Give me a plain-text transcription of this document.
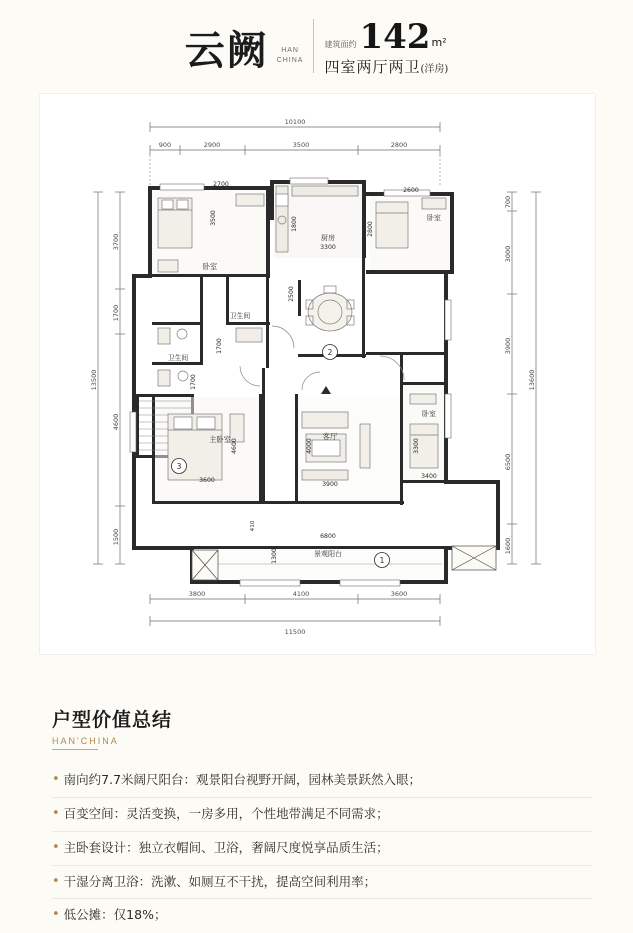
云阙	HAN
CHINA
建筑面约 142 m²
四室两厅两卫(洋房)
10100
900	2900	3500	2800
3800	4100	3600
11500
13500
3700
1700
4600
1500
700
3000
3900
6500
1600
13600
2700
卧室
3500
厨房
3300
1800
2600
卧室
2800
卫生间
卫生间
1700
1700
主卧室
3600
4600
客厅
3900
4000
卧室
3400
3300
2500
6800
景观阳台
1300
410
1
2
3
户型价值总结
HAN'CHINA
• 南向约7.7米阔尺阳台：观景阳台视野开阔，园林美景跃然入眼；
• 百变空间：灵活变换，一房多用，个性地带满足不同需求；
• 主卧套设计：独立衣帽间、卫浴，奢阔尺度悦享品质生活；
• 干湿分离卫浴：洗漱、如厕互不干扰，提高空间利用率；
• 低公摊：仅18%；
